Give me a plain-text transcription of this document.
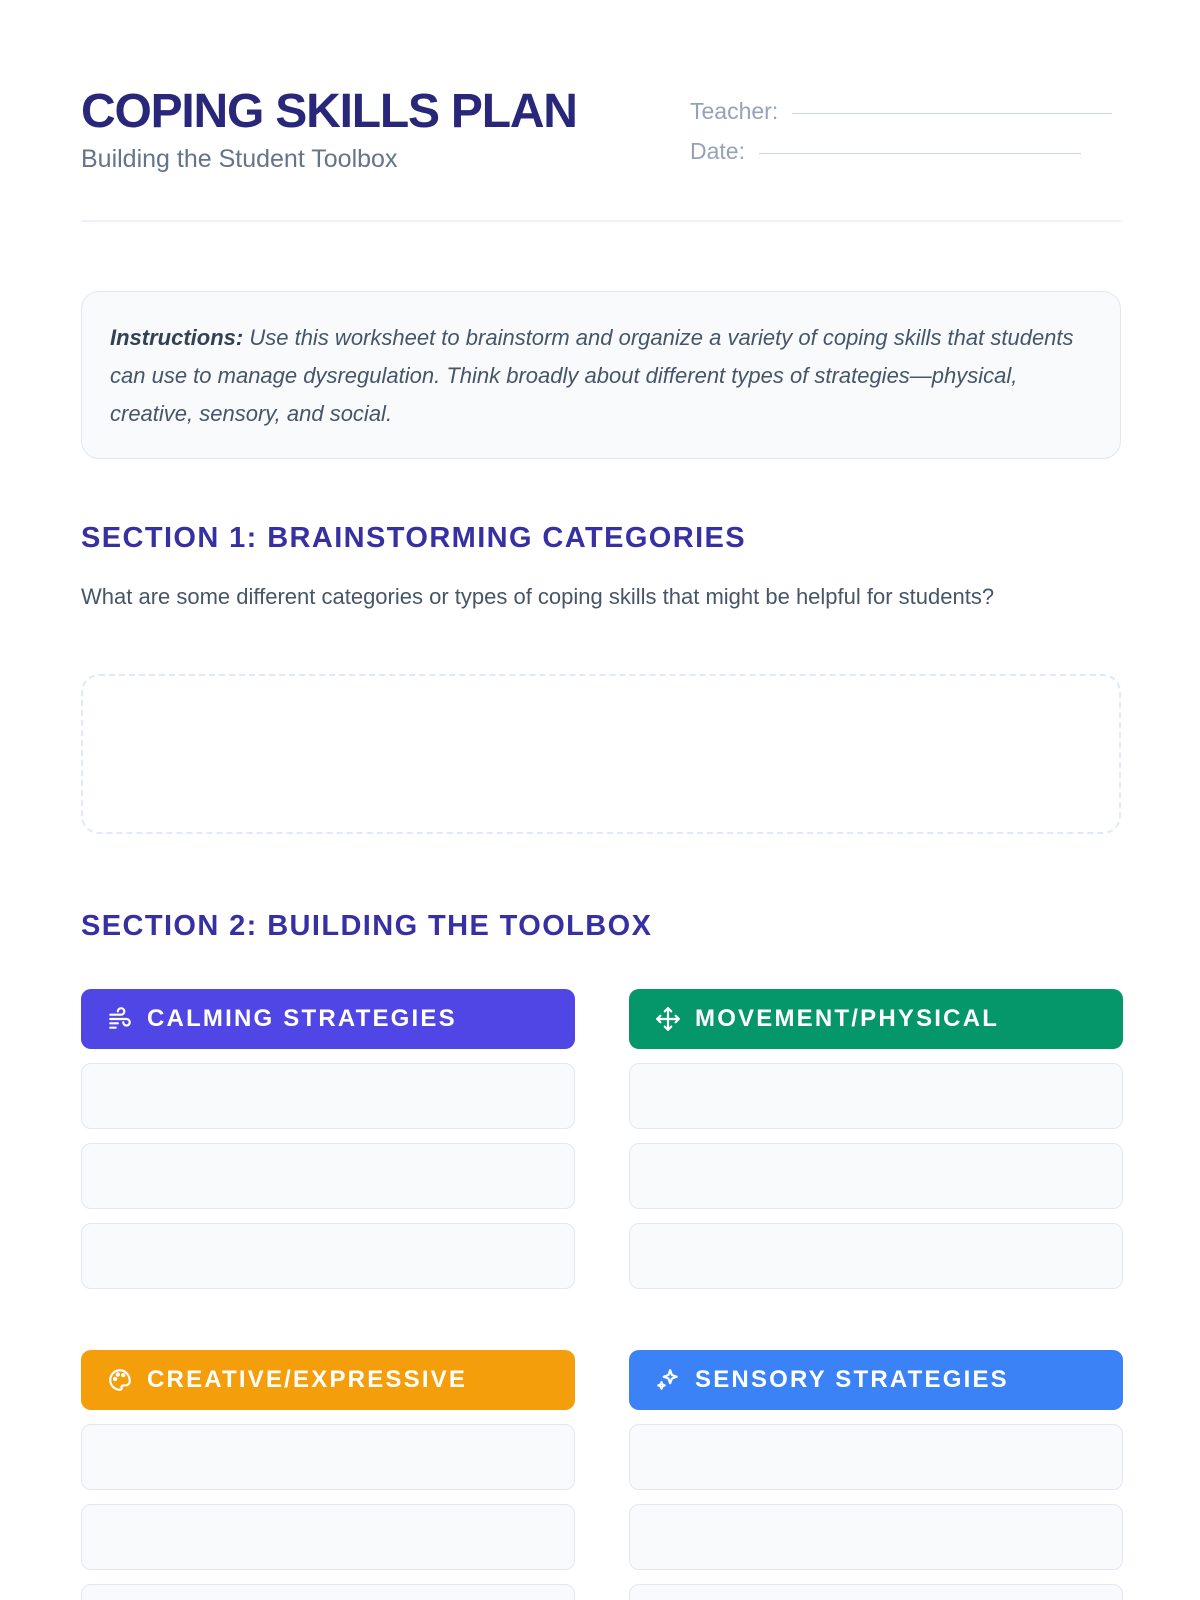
COPING SKILLS PLAN
Building the Student Toolbox
Teacher:
Date:
Instructions: Use this worksheet to brainstorm and organize a variety of coping skills that students can use to manage dysregulation. Think broadly about different types of strategies—physical, creative, sensory, and social.
SECTION 1: BRAINSTORMING CATEGORIES
What are some different categories or types of coping skills that might be helpful for students?
SECTION 2: BUILDING THE TOOLBOX
CALMING STRATEGIES	MOVEMENT/PHYSICAL
CREATIVE/EXPRESSIVE	SENSORY STRATEGIES
